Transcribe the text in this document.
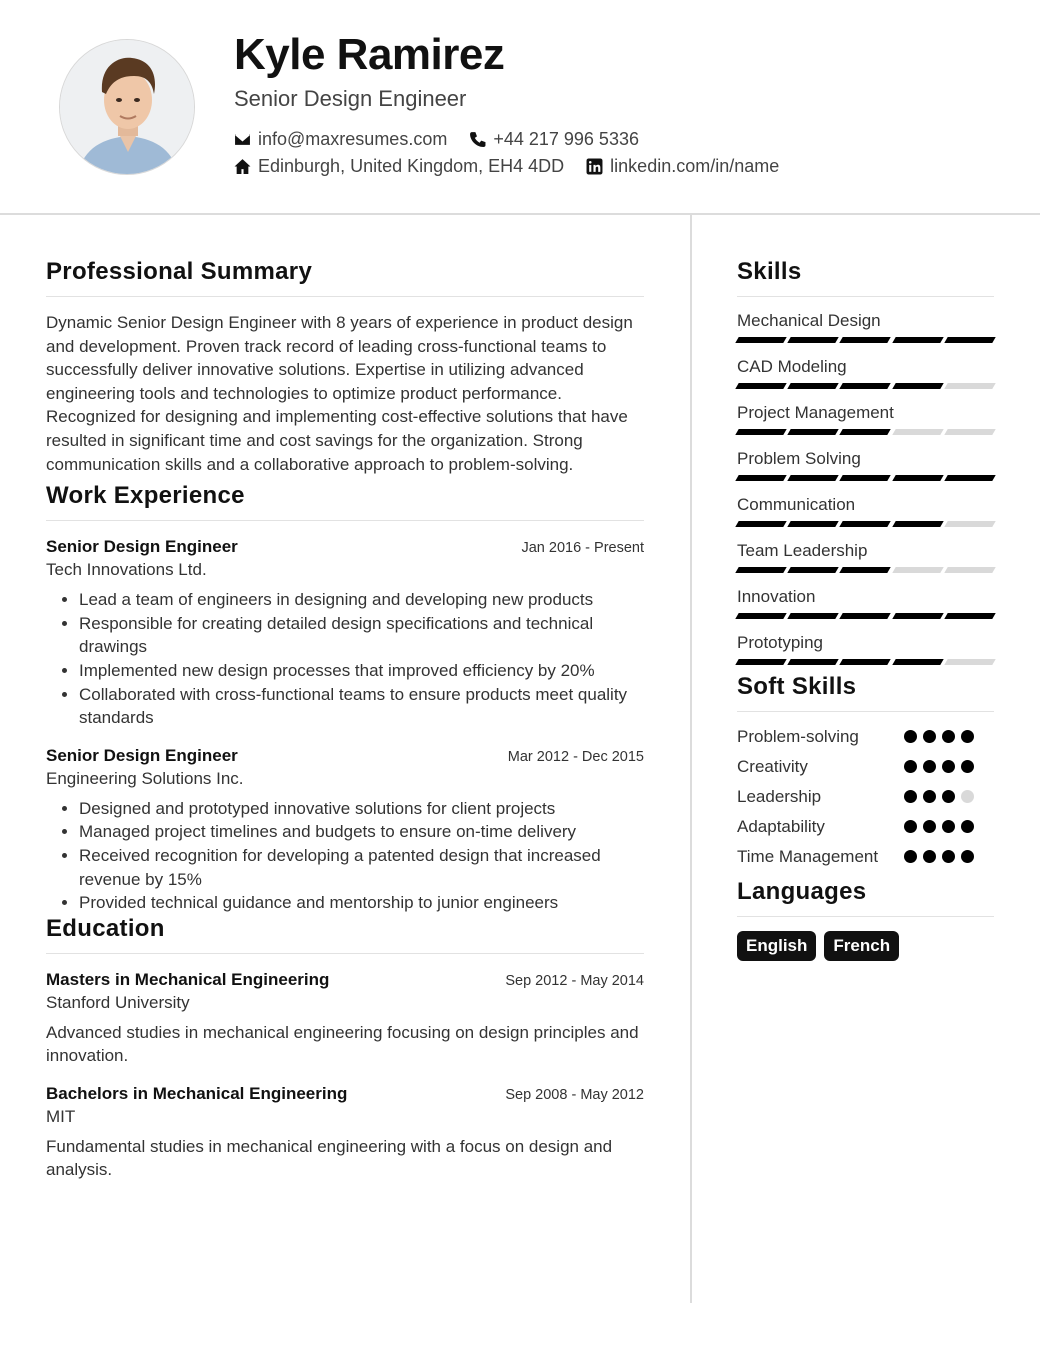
Kyle Ramirez
Senior Design Engineer
info@maxresumes.com	+44 217 996 5336
Edinburgh, United Kingdom, EH4 4DD	linkedin.com/in/name
Professional Summary
Dynamic Senior Design Engineer with 8 years of experience in product design and development. Proven track record of leading cross-functional teams to successfully deliver innovative solutions. Expertise in utilizing advanced engineering tools and technologies to optimize product performance. Recognized for designing and implementing cost-effective solutions that have resulted in significant time and cost savings for the organization. Strong communication skills and a collaborative approach to problem-solving.
Work Experience
Senior Design Engineer	Jan 2016 - Present
Tech Innovations Ltd.
• Lead a team of engineers in designing and developing new products
• Responsible for creating detailed design specifications and technical drawings
• Implemented new design processes that improved efficiency by 20%
• Collaborated with cross-functional teams to ensure products meet quality standards
Senior Design Engineer	Mar 2012 - Dec 2015
Engineering Solutions Inc.
• Designed and prototyped innovative solutions for client projects
• Managed project timelines and budgets to ensure on-time delivery
• Received recognition for developing a patented design that increased revenue by 15%
• Provided technical guidance and mentorship to junior engineers
Education
Masters in Mechanical Engineering	Sep 2012 - May 2014
Stanford University
Advanced studies in mechanical engineering focusing on design principles and innovation.
Bachelors in Mechanical Engineering	Sep 2008 - May 2012
MIT
Fundamental studies in mechanical engineering with a focus on design and analysis.
Skills
Mechanical Design
CAD Modeling
Project Management
Problem Solving
Communication
Team Leadership
Innovation
Prototyping
Soft Skills
Problem-solving
Creativity
Leadership
Adaptability
Time Management
Languages
English	French
